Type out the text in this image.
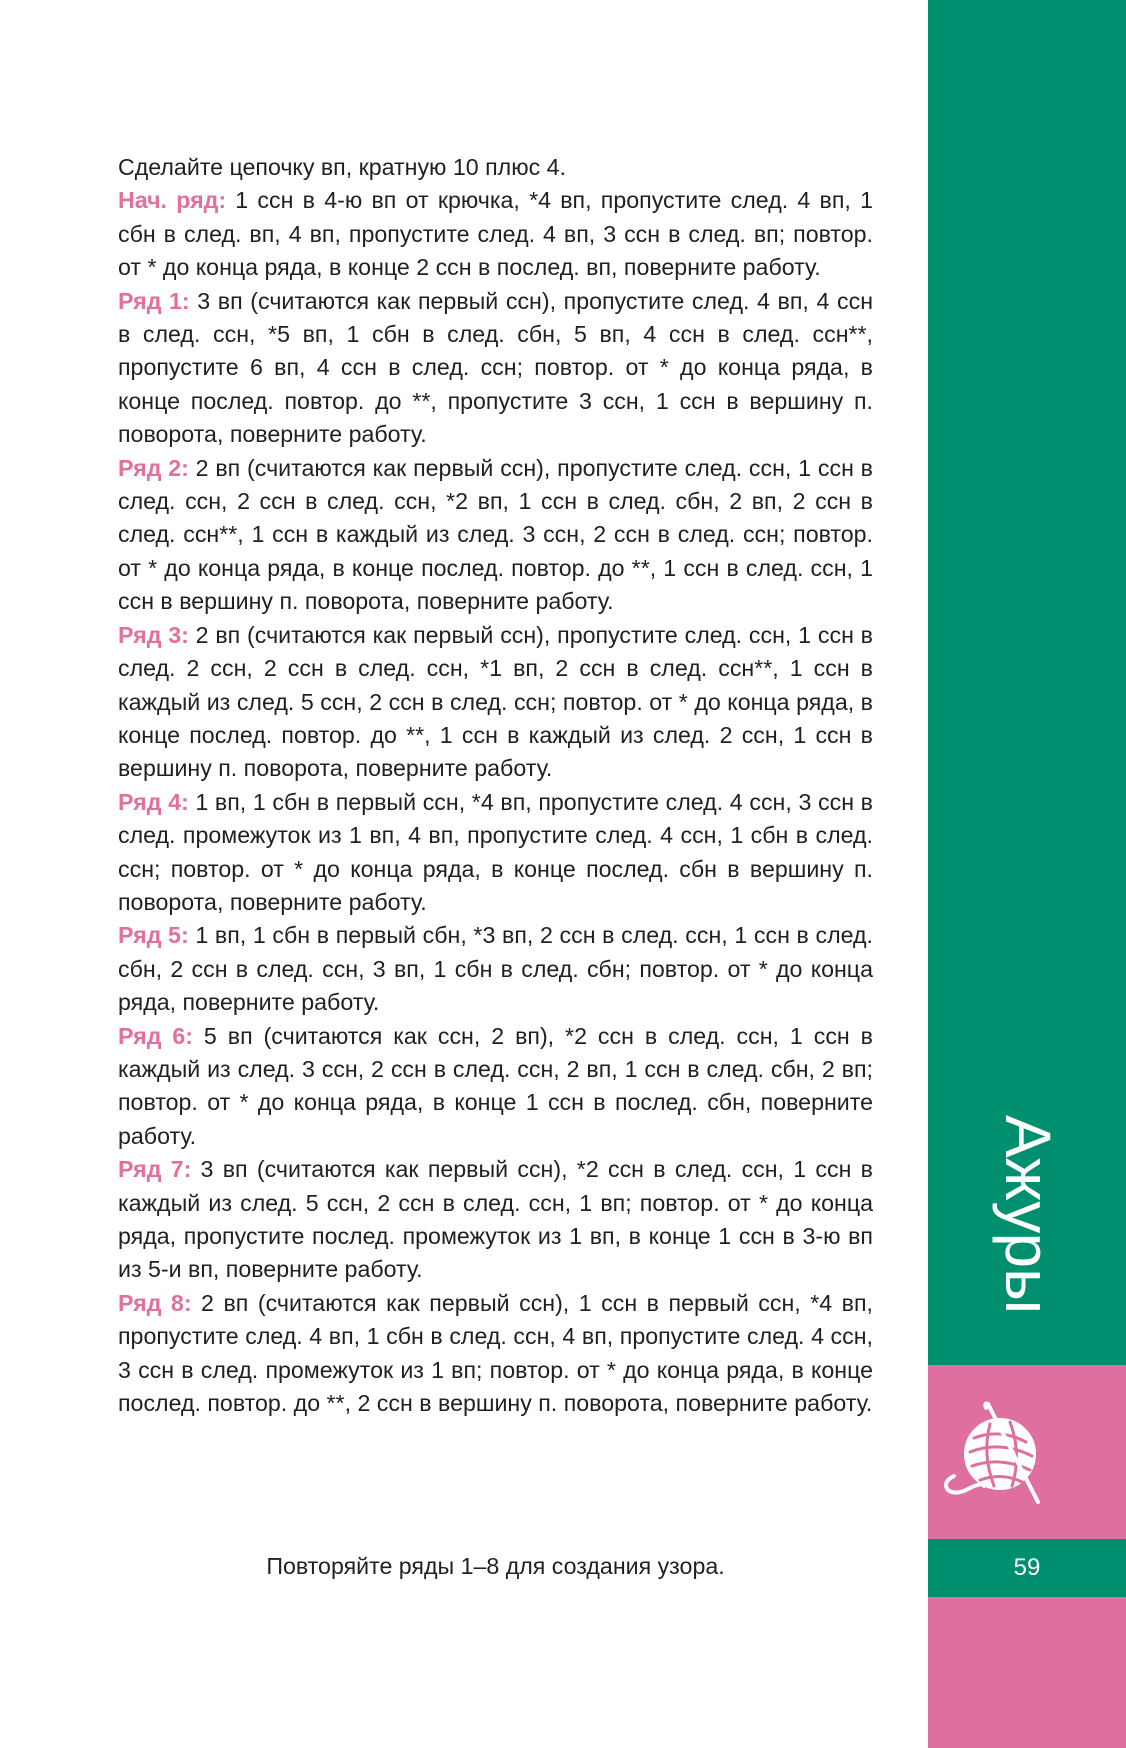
Сделайте цепочку вп, кратную 10 плюс 4.

Нач. ряд: 1 ссн в 4-ю вп от крючка, *4 вп, пропустите след. 4 вп, 1 сбн в след. вп, 4 вп, пропустите след. 4 вп, 3 ссн в след. вп; повтор. от * до конца ряда, в конце 2 ссн в послед. вп, поверните работу.

Ряд 1: 3 вп (считаются как первый ссн), пропустите след. 4 вп, 4 ссн в след. ссн, *5 вп, 1 сбн в след. сбн, 5 вп, 4 ссн в след. ссн**, пропустите 6 вп, 4 ссн в след. ссн; повтор. от * до конца ряда, в конце послед. повтор. до **, пропустите 3 ссн, 1 ссн в вершину п. поворота, поверните работу.

Ряд 2: 2 вп (считаются как первый ссн), пропустите след. ссн, 1 ссн в след. ссн, 2 ссн в след. ссн, *2 вп, 1 ссн в след. сбн, 2 вп, 2 ссн в след. ссн**, 1 ссн в каждый из след. 3 ссн, 2 ссн в след. ссн; повтор. от * до конца ряда, в конце послед. повтор. до **, 1 ссн в след. ссн, 1 ссн в вершину п. поворота, поверните работу.

Ряд 3: 2 вп (считаются как первый ссн), пропустите след. ссн, 1 ссн в след. 2 ссн, 2 ссн в след. ссн, *1 вп, 2 ссн в след. ссн**, 1 ссн в каждый из след. 5 ссн, 2 ссн в след. ссн; повтор. от * до конца ряда, в конце послед. повтор. до **, 1 ссн в каждый из след. 2 ссн, 1 ссн в вершину п. поворота, поверните работу.

Ряд 4: 1 вп, 1 сбн в первый ссн, *4 вп, пропустите след. 4 ссн, 3 ссн в след. промежуток из 1 вп, 4 вп, пропустите след. 4 ссн, 1 сбн в след. ссн; повтор. от * до конца ряда, в конце послед. сбн в вершину п. поворота, поверните работу.

Ряд 5: 1 вп, 1 сбн в первый сбн, *3 вп, 2 ссн в след. ссн, 1 ссн в след. сбн, 2 ссн в след. ссн, 3 вп, 1 сбн в след. сбн; повтор. от * до конца ряда, поверните работу.

Ряд 6: 5 вп (считаются как ссн, 2 вп), *2 ссн в след. ссн, 1 ссн в каждый из след. 3 ссн, 2 ссн в след. ссн, 2 вп, 1 ссн в след. сбн, 2 вп; повтор. от * до конца ряда, в конце 1 ссн в послед. сбн, поверните работу.

Ряд 7: 3 вп (считаются как первый ссн), *2 ссн в след. ссн, 1 ссн в каждый из след. 5 ссн, 2 ссн в след. ссн, 1 вп; повтор. от * до конца ряда, пропустите послед. промежуток из 1 вп, в конце 1 ссн в 3-ю вп из 5-и вп, поверните работу.

Ряд 8: 2 вп (считаются как первый ссн), 1 ссн в первый ссн, *4 вп, пропустите след. 4 вп, 1 сбн в след. ссн, 4 вп, пропустите след. 4 ссн, 3 ссн в след. промежуток из 1 вп; повтор. от * до конца ряда, в конце послед. повтор. до **, 2 ссн в вершину п. поворота, поверните работу.

Повторяйте ряды 1–8 для создания узора.
Ажуры
59
